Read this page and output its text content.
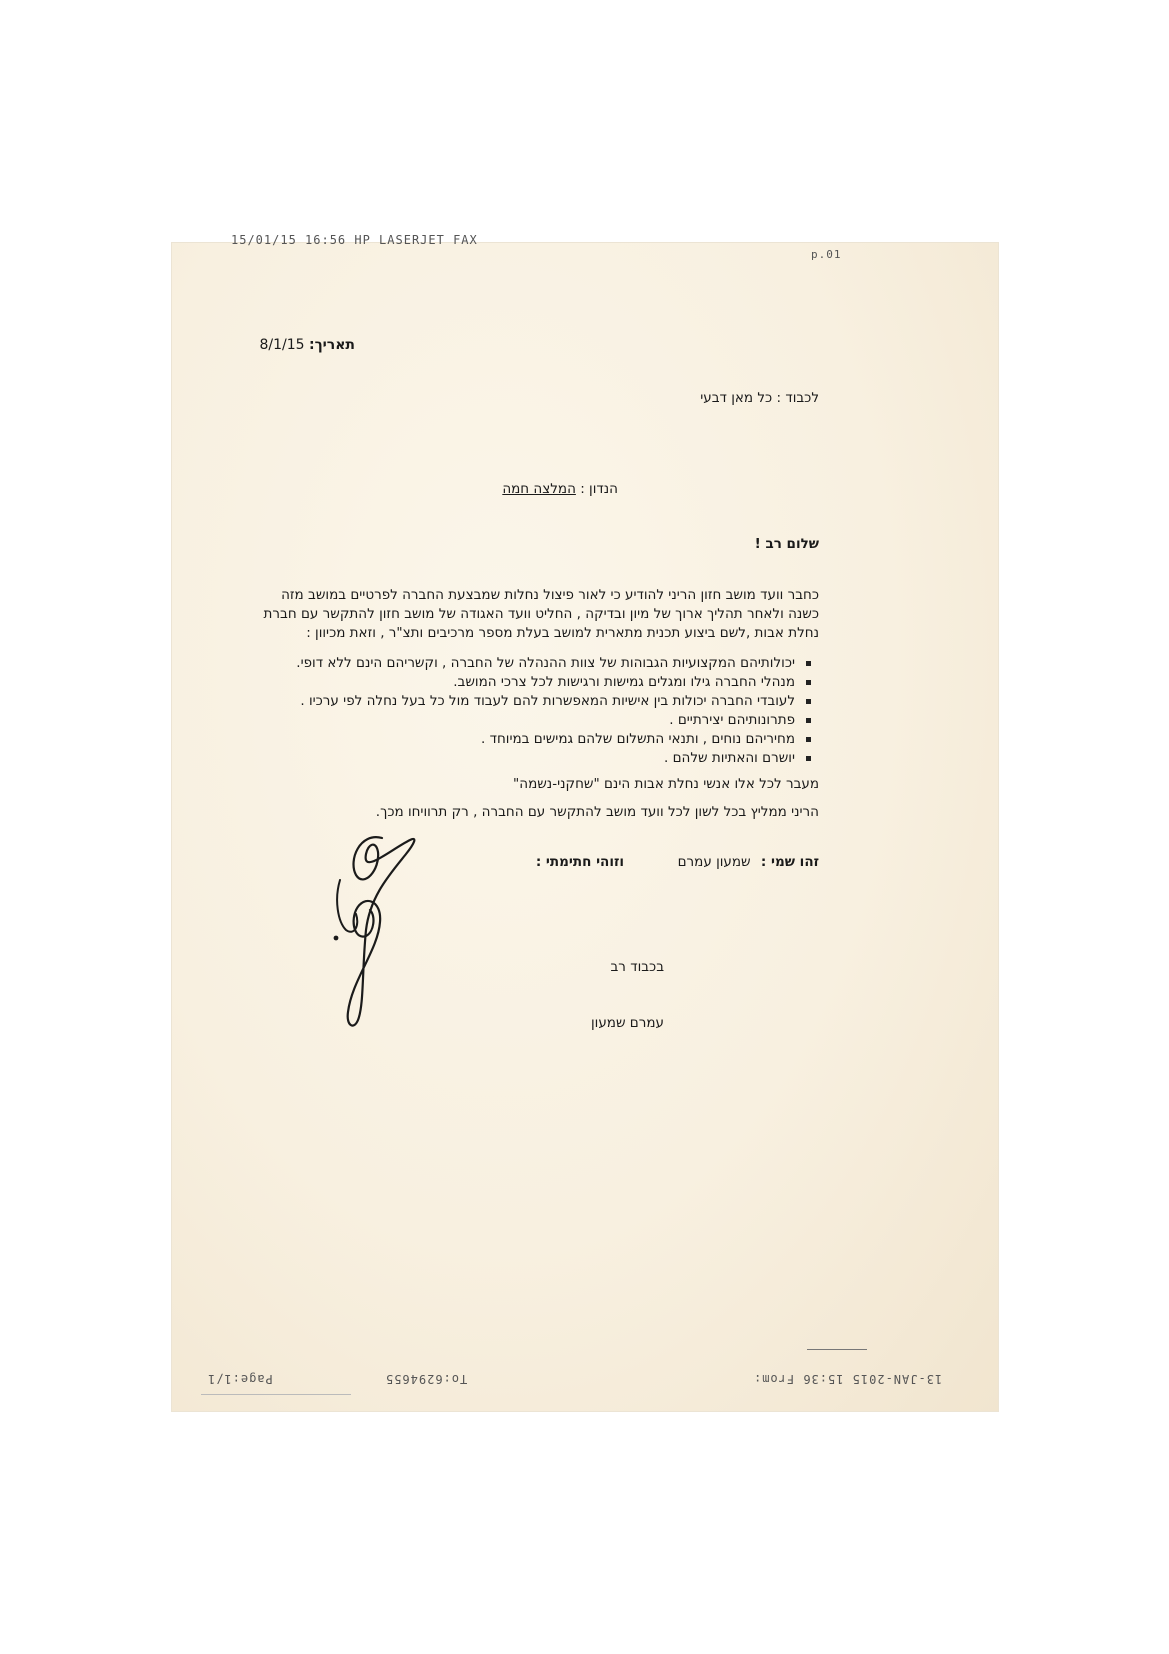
15/01/15 16:56 HP LASERJET FAX
p.01
תאריך: 8/1/15
לכבוד : כל מאן דבעי
הנדון : המלצה חמה
שלום רב !
כחבר וועד מושב חזון הריני להודיע כי לאור פיצול נחלות שמבצעת החברה לפרטיים במושב מזה
כשנה ולאחר תהליך ארוך של מיון ובדיקה , החליט וועד האגודה של מושב חזון להתקשר עם חברת
נחלת אבות ,לשם ביצוע תכנית מתארית למושב בעלת מספר מרכיבים ותצ"ר , וזאת מכיוון :
יכולותיהם המקצועיות הגבוהות של צוות ההנהלה של החברה , וקשריהם הינם ללא דופי.
מנהלי החברה גילו ומגלים גמישות ורגישות לכל צרכי המושב.
לעובדי החברה יכולות בין אישיות המאפשרות להם לעבוד מול כל בעל נחלה לפי ערכיו .
פתרונותיהם יצירתיים .
מחיריהם נוחים , ותנאי התשלום שלהם גמישים במיוחד .
יושרם והאתיות שלהם .
מעבר לכל אלו אנשי נחלת אבות הינם "שחקני-נשמה"
הריני ממליץ בכל לשון לכל וועד מושב להתקשר עם החברה , רק תרוויחו מכך.
זהו שמי : שמעון עמרם
וזוהי חתימתי :
בכבוד רב
עמרם שמעון
13-JAN-2015 15:36 From:
To:6294655
Page:1/1
